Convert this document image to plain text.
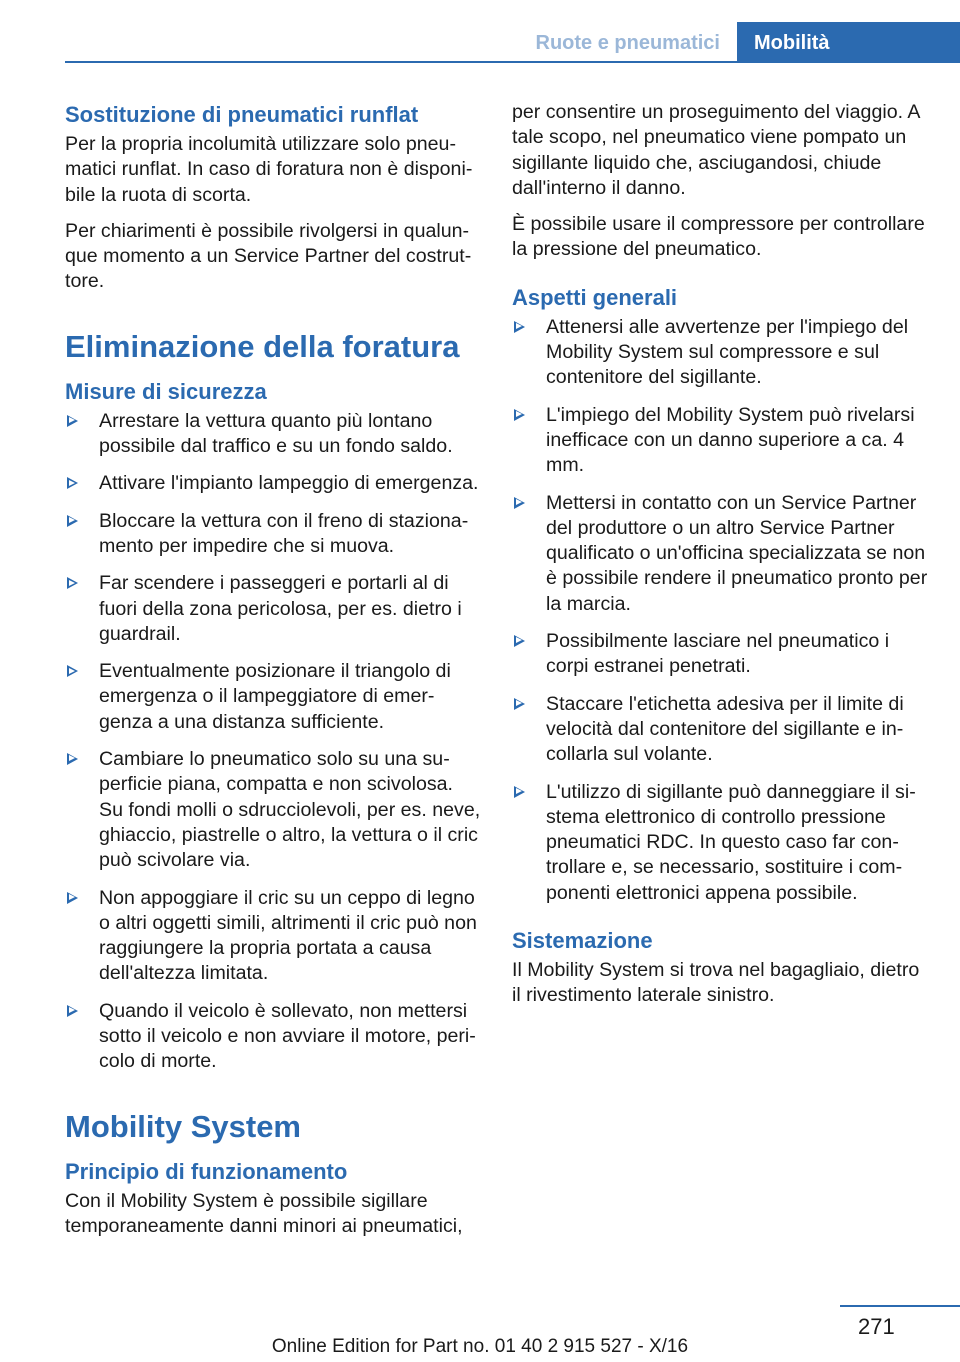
Ruote e pneumatici	Mobilità
Sostituzione di pneumatici runflat

Per la propria incolumità utilizzare solo pneumatici runflat. In caso di foratura non è disponibile la ruota di scorta.

Per chiarimenti è possibile rivolgersi in qualunque momento a un Service Partner del costruttore.

Eliminazione della foratura
Misure di sicurezza
Arrestare la vettura quanto più lontano possibile dal traffico e su un fondo saldo.
Attivare l'impianto lampeggio di emergenza.
Bloccare la vettura con il freno di stazionamento per impedire che si muova.
Far scendere i passeggeri e portarli al di fuori della zona pericolosa, per es. dietro i guardrail.
Eventualmente posizionare il triangolo di emergenza o il lampeggiatore di emergenza a una distanza sufficiente.
Cambiare lo pneumatico solo su una superficie piana, compatta e non scivolosa. Su fondi molli o sdrucciolevoli, per es. neve, ghiaccio, piastrelle o altro, la vettura o il cric può scivolare via.
Non appoggiare il cric su un ceppo di legno o altri oggetti simili, altrimenti il cric può non raggiungere la propria portata a causa dell'altezza limitata.
Quando il veicolo è sollevato, non mettersi sotto il veicolo e non avviare il motore, pericolo di morte.
Mobility System
Principio di funzionamento

Con il Mobility System è possibile sigillare temporaneamente danni minori ai pneumatici,

per consentire un proseguimento del viaggio. A tale scopo, nel pneumatico viene pompato un sigillante liquido che, asciugandosi, chiude dall'interno il danno.

È possibile usare il compressore per controllare la pressione del pneumatico.

Aspetti generali
Attenersi alle avvertenze per l'impiego del Mobility System sul compressore e sul contenitore del sigillante.
L'impiego del Mobility System può rivelarsi inefficace con un danno superiore a ca. 4 mm.
Mettersi in contatto con un Service Partner del produttore o un altro Service Partner qualificato o un'officina specializzata se non è possibile rendere il pneumatico pronto per la marcia.
Possibilmente lasciare nel pneumatico i corpi estranei penetrati.
Staccare l'etichetta adesiva per il limite di velocità dal contenitore del sigillante e incollarla sul volante.
L'utilizzo di sigillante può danneggiare il sistema elettronico di controllo pressione pneumatici RDC. In questo caso far controllare e, se necessario, sostituire i componenti elettronici appena possibile.
Sistemazione

Il Mobility System si trova nel bagagliaio, dietro il rivestimento laterale sinistro.

271
Online Edition for Part no. 01 40 2 915 527 - X/16
